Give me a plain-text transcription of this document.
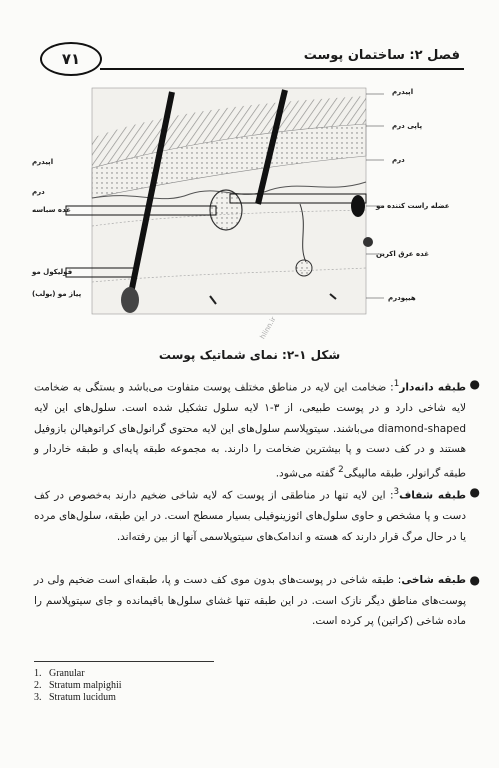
٧١	فصل ۲: ساختمان پوست
اپیدرم
پاپی درم
درم
عضله راست کننده مو
غده عرق اکرین
هیپودرم
اپیدرم
درم
غده سباسه
فولیکول مو
پیاز مو (بولب)
hlinn.ir
شکل ۱-۲: نمای شماتیک پوست
●
طبقه دانه‌دار$^1$: ضخامت این لایه در مناطق مختلف پوست متفاوت می‌باشد و بستگی به ضخامت لایه شاخی دارد و در پوست طبیعی، از ۳-۱ لایه سلول تشکیل شده است. سلول‌های این لایه diamond-shaped می‌باشند. سیتوپلاسم سلول‌های این لایه محتوی گرانول‌های کراتوهیالن بازوفیل هستند و در کف دست و پا بیشترین ضخامت را دارند. به مجموعه طبقه پایه‌ای و طبقه خاردار و طبقه گرانولر، طبقه مالپیگی$^2$ گفته می‌شود.
●
طبقه شفاف$^3$: این لایه تنها در مناطقی از پوست که لایه شاخی ضخیم دارند به‌خصوص در کف دست و پا مشخص و حاوی سلول‌های ائوزینوفیلی بسیار مسطح است. در این طبقه، سلول‌های مرده یا در حال مرگ قرار دارند که هسته و اندامک‌های سیتوپلاسمی آنها از بین رفته‌اند.
●
طبقه شاخی: طبقه شاخی در پوست‌های بدون موی کف دست و پا، طبقه‌ای است ضخیم ولی در پوست‌های مناطق دیگر نازک است. در این طبقه تنها غشای سلول‌ها باقیمانده و جای سیتوپلاسم را ماده شاخی (کراتین) پر کرده است.
1.   Granular
2.   Stratum malpighii
3.   Stratum lucidum
